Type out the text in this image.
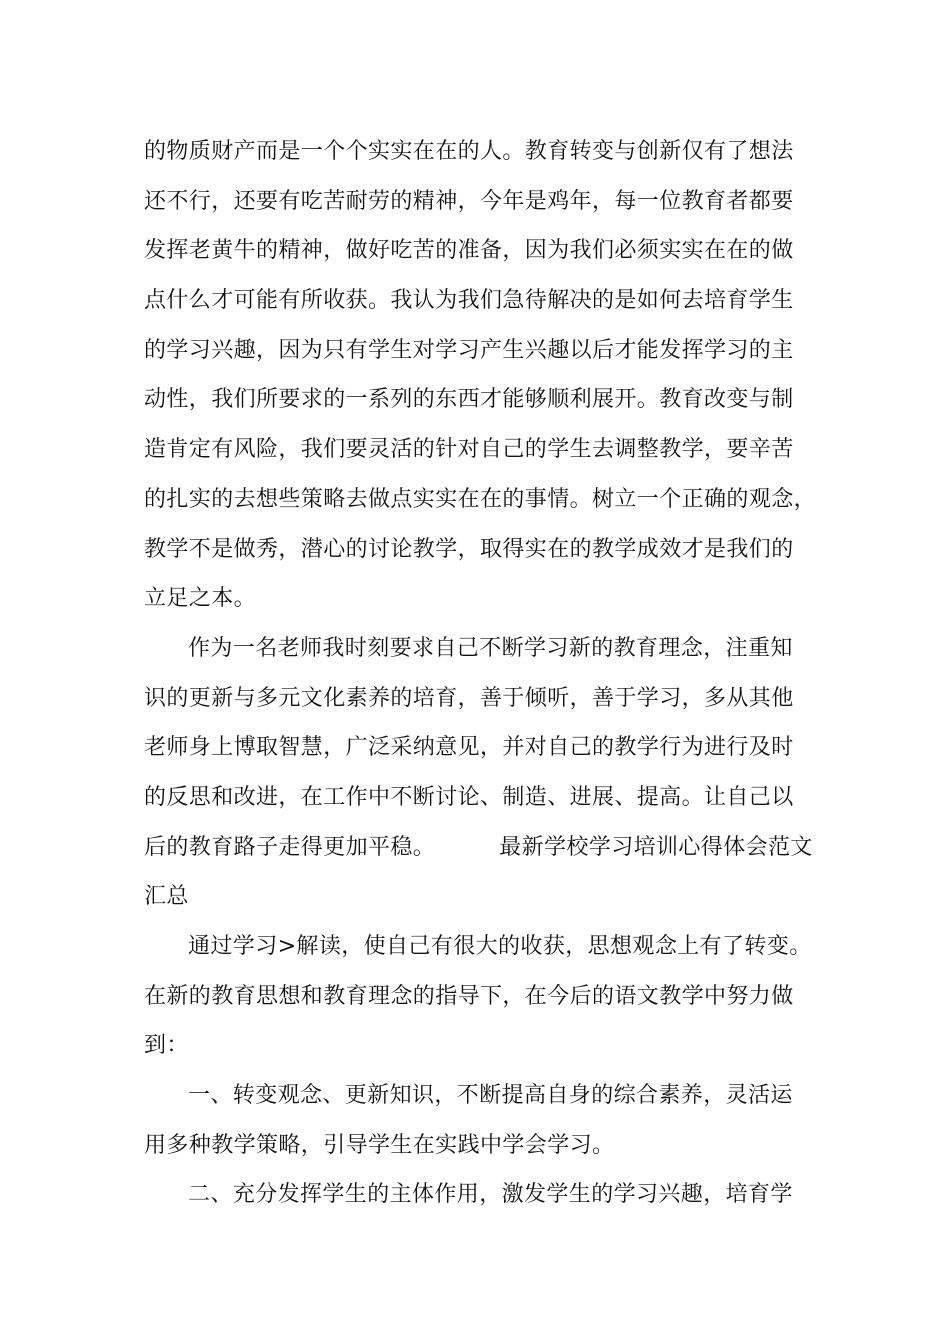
的物质财产而是一个个实实在在的人。教育转变与创新仅有了想法
还不行，还要有吃苦耐劳的精神，今年是鸡年，每一位教育者都要
发挥老黄牛的精神，做好吃苦的准备，因为我们必须实实在在的做
点什么才可能有所收获。我认为我们急待解决的是如何去培育学生
的学习兴趣，因为只有学生对学习产生兴趣以后才能发挥学习的主
动性，我们所要求的一系列的东西才能够顺利展开。教育改变与制
造肯定有风险，我们要灵活的针对自己的学生去调整教学，要辛苦
的扎实的去想些策略去做点实实在在的事情。树立一个正确的观念，
教学不是做秀，潜心的讨论教学，取得实在的教学成效才是我们的
立足之本。
作为一名老师我时刻要求自己不断学习新的教育理念，注重知
识的更新与多元文化素养的培育，善于倾听，善于学习，多从其他
老师身上博取智慧，广泛采纳意见，并对自己的教学行为进行及时
的反思和改进，在工作中不断讨论、制造、进展、提高。让自己以
后的教育路子走得更加平稳。	最新学校学习培训心得体会范文
汇总
通过学习>解读，使自己有很大的收获，思想观念上有了转变。
在新的教育思想和教育理念的指导下，在今后的语文教学中努力做
到：
一、转变观念、更新知识，不断提高自身的综合素养，灵活运
用多种教学策略，引导学生在实践中学会学习。
二、充分发挥学生的主体作用，激发学生的学习兴趣，培育学
